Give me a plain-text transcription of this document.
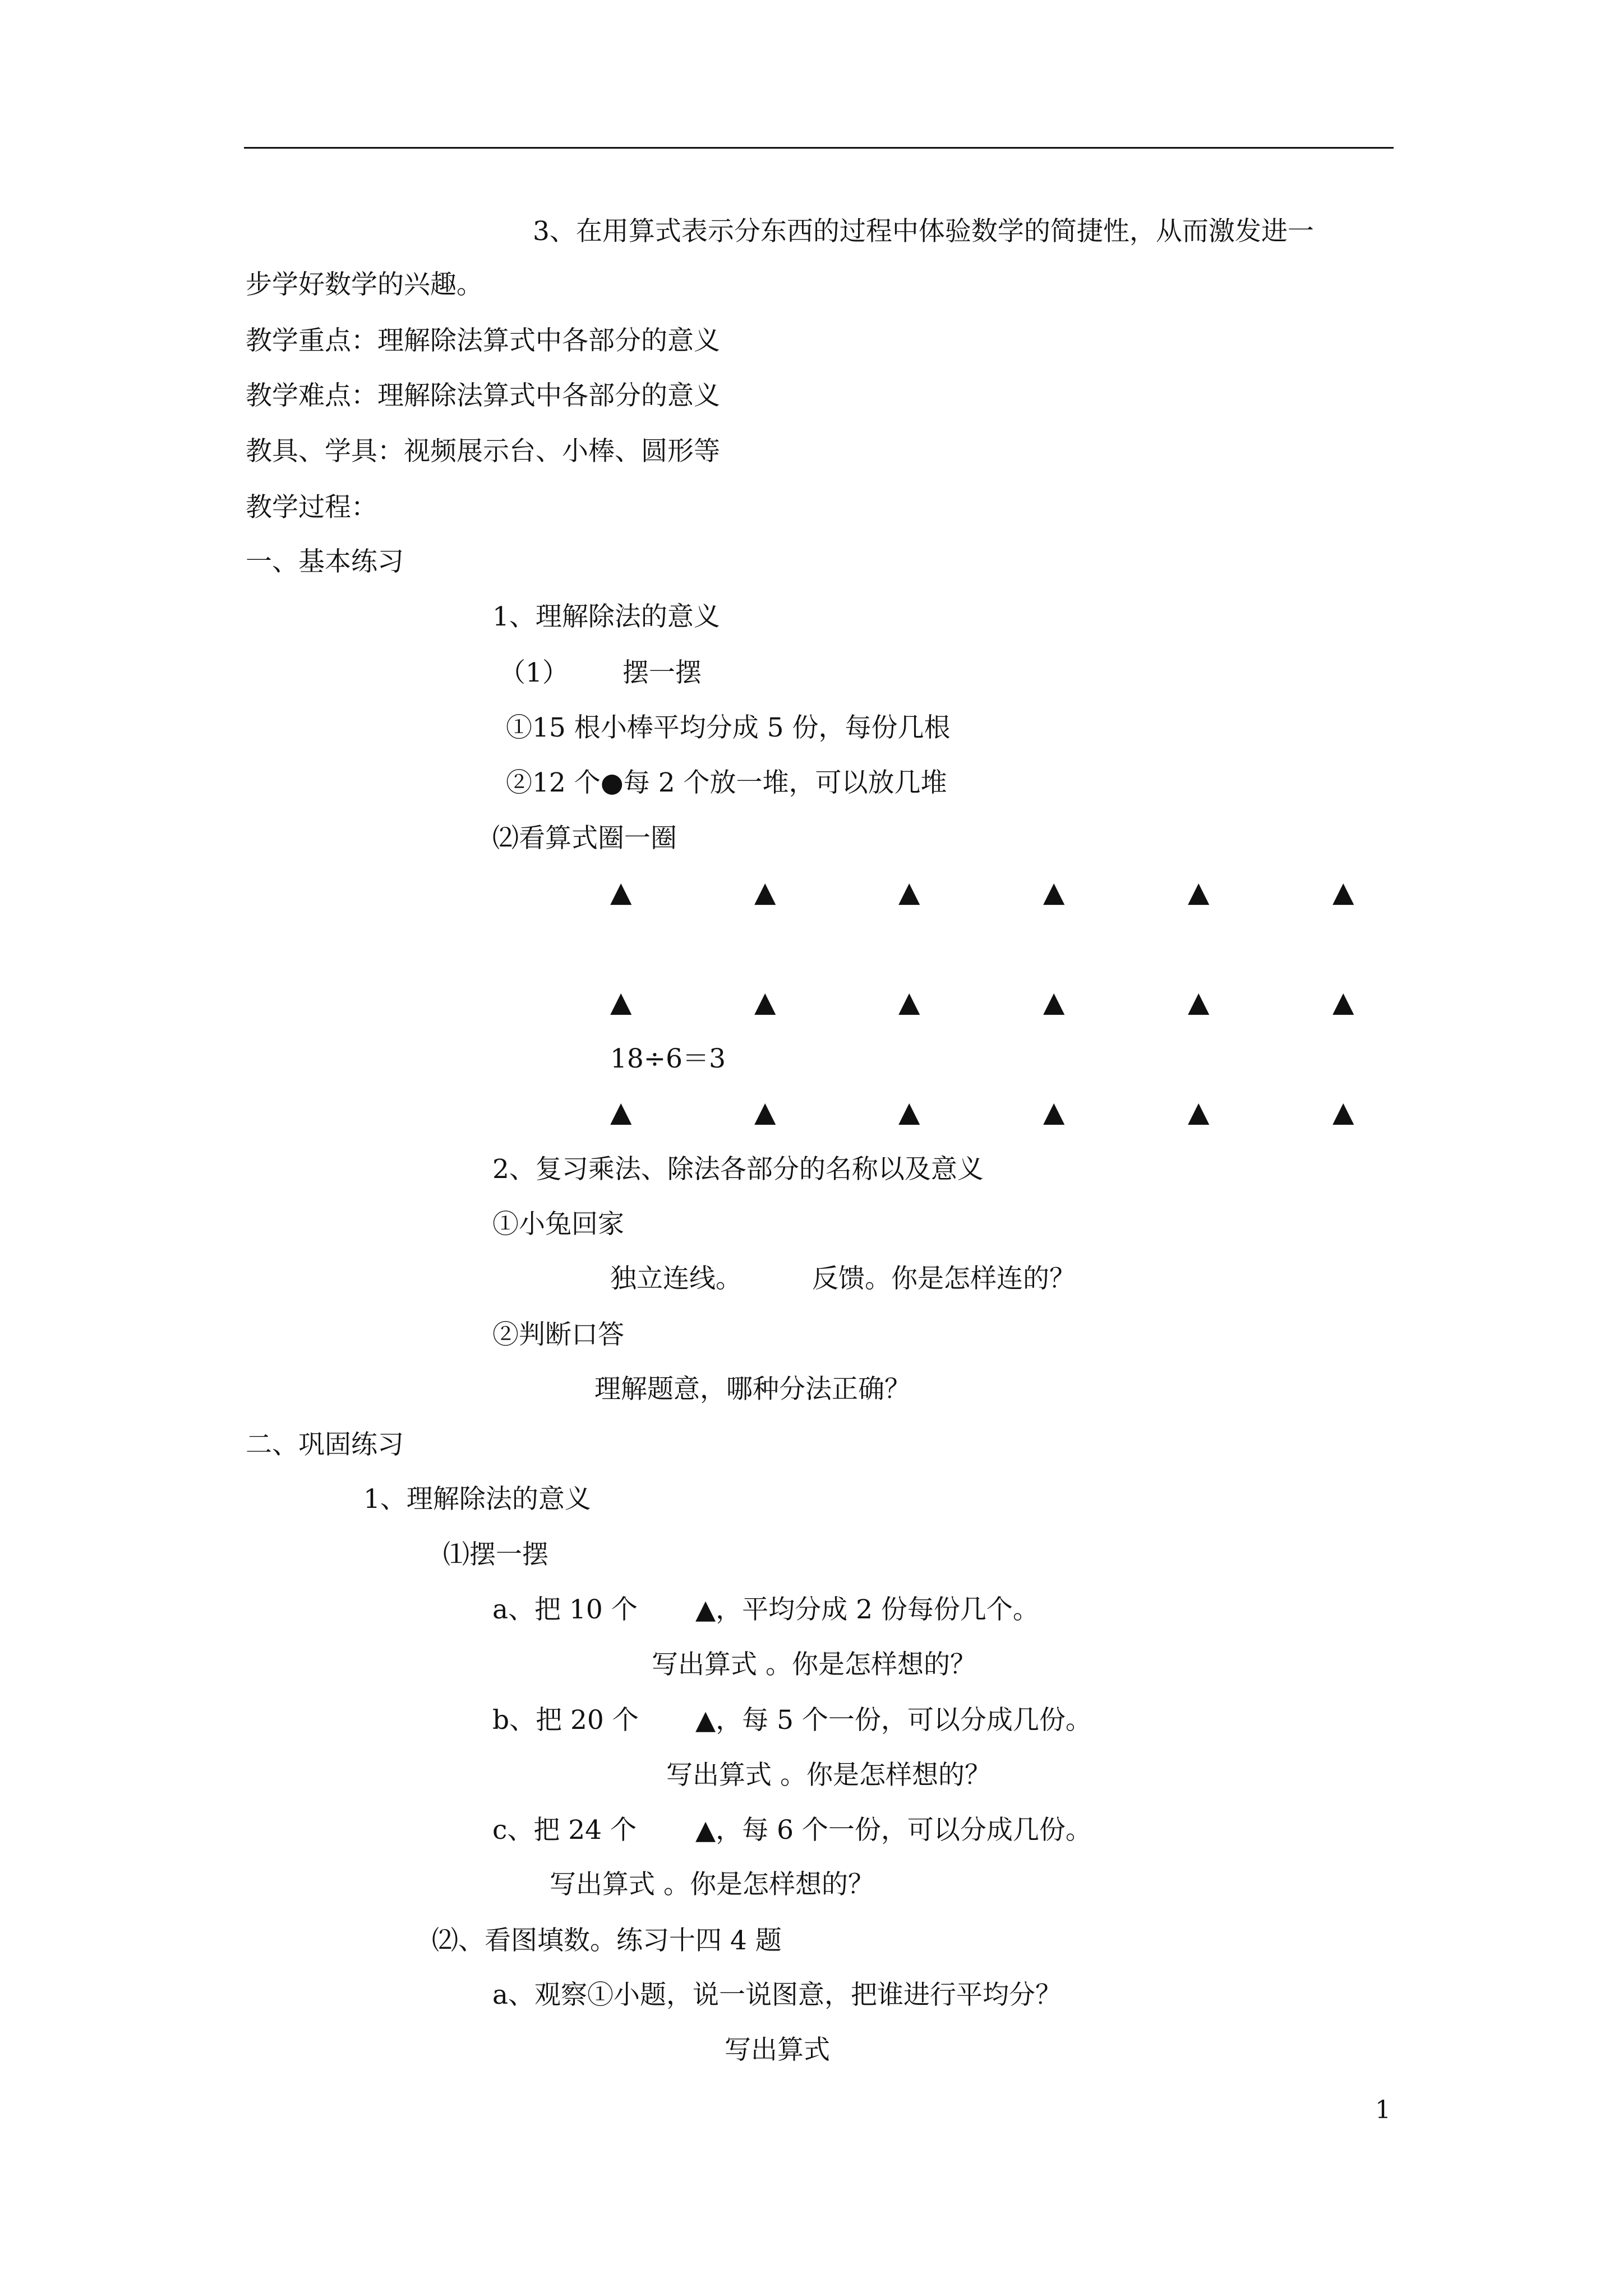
3、在用算式表示分东西的过程中体验数学的简捷性，从而激发进一
步学好数学的兴趣。
教学重点：理解除法算式中各部分的意义
教学难点：理解除法算式中各部分的意义
教具、学具：视频展示台、小棒、圆形等
教学过程：
一、基本练习
1、理解除法的意义
（1） 摆一摆
①15 根小棒平均分成 5 份，每份几根
②12 个●每 2 个放一堆，可以放几堆
⑵看算式圈一圈
▲	▲	▲	▲	▲	▲
▲	▲	▲	▲	▲	▲
▲	▲	▲	▲	▲	▲
18÷6＝3
2、复习乘法、除法各部分的名称以及意义
①小兔回家
独立连线。	反馈。你是怎样连的？
②判断口答
理解题意，哪种分法正确？
二、巩固练习
1、理解除法的意义
⑴摆一摆
a、把 10 个 ▲，平均分成 2 份每份几个。
写出算式 。你是怎样想的？
b、把 20 个 ▲，每 5 个一份，可以分成几份。
写出算式 。你是怎样想的？
c、把 24 个 ▲，每 6 个一份，可以分成几份。
写出算式 。你是怎样想的？
⑵、看图填数。练习十四 4 题
a、观察①小题，说一说图意，把谁进行平均分？
写出算式
1
